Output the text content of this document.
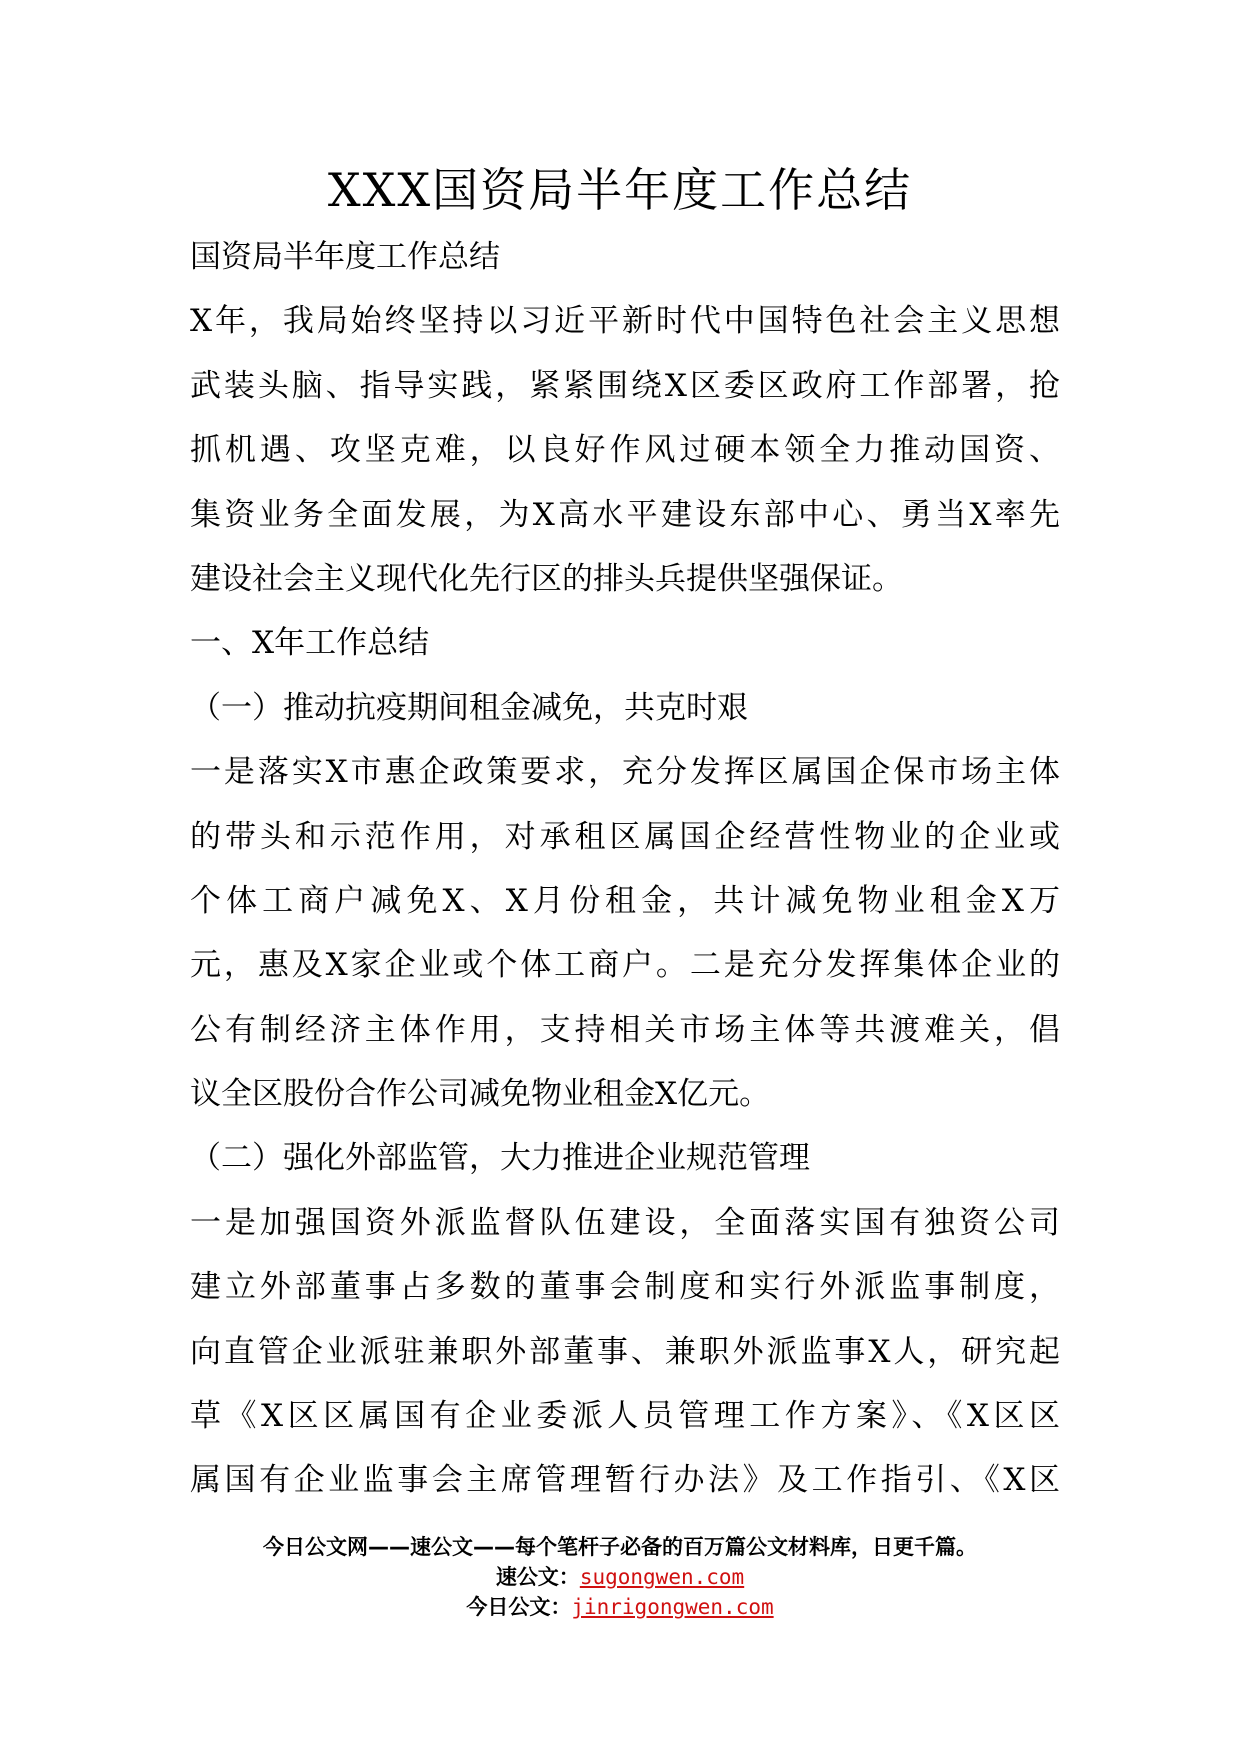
XXX国资局半年度工作总结

国资局半年度工作总结

X年，我局始终坚持以习近平新时代中国特色社会主义思想

武装头脑、指导实践，紧紧围绕X区委区政府工作部署，抢

抓机遇、攻坚克难，以良好作风过硬本领全力推动国资、

集资业务全面发展，为X高水平建设东部中心、勇当X率先

建设社会主义现代化先行区的排头兵提供坚强保证。

一、X年工作总结

（一）推动抗疫期间租金减免，共克时艰

一是落实X市惠企政策要求，充分发挥区属国企保市场主体

的带头和示范作用，对承租区属国企经营性物业的企业或

个体工商户减免X、X月份租金，共计减免物业租金X万

元，惠及X家企业或个体工商户。二是充分发挥集体企业的

公有制经济主体作用，支持相关市场主体等共渡难关，倡

议全区股份合作公司减免物业租金X亿元。

（二）强化外部监管，大力推进企业规范管理

一是加强国资外派监督队伍建设，全面落实国有独资公司

建立外部董事占多数的董事会制度和实行外派监事制度，

向直管企业派驻兼职外部董事、兼职外派监事X人，研究起

草《X区区属国有企业委派人员管理工作方案》、《X区区

属国有企业监事会主席管理暂行办法》及工作指引、《X区

今日公文网——速公文——每个笔杆子必备的百万篇公文材料库，日更千篇。
速公文：sugongwen.com
今日公文：jinrigongwen.com
